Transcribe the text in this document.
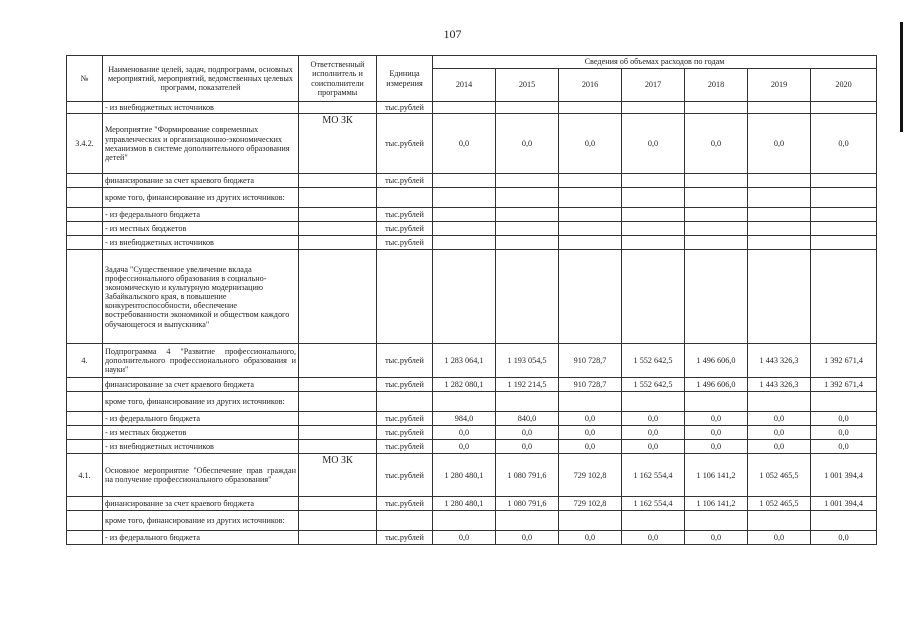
107
№	Наименование целей, задач, подпрограмм, основных мероприятий, мероприятий, ведомственных целевых программ, показателей	Ответственный исполнитель и соисполнители программы	Единица измерения	Сведения об объемах расходов по годам						
				2014	2015	2016	2017	2018	2019	2020
	- из внебюджетных источников		тыс.рублей							
3.4.2.	Мероприятие "Формирование современных управленческих и организационно-экономических механизмов в системе дополнительного образования детей"	МО ЗК	тыс.рублей	0,0	0,0	0,0	0,0	0,0	0,0	0,0
	финансирование за счет краевого бюджета		тыс.рублей							
	кроме того, финансирование из других источников:									
	- из федерального бюджета		тыс.рублей							
	- из местных бюджетов		тыс.рублей							
	- из внебюджетных источников		тыс.рублей							
	Задача "Существенное увеличение вклада профессионального образования в социально-экономическую и культурную модернизацию Забайкальского края, в повышение конкурентоспособности, обеспечение востребованности экономикой и обществом каждого обучающегося и выпускника"									
4.	Подпрограмма 4 "Развитие профессионального, дополнительного профессионального образования и науки"		тыс.рублей	1 283 064,1	1 193 054,5	910 728,7	1 552 642,5	1 496 606,0	1 443 326,3	1 392 671,4
	финансирование за счет краевого бюджета		тыс.рублей	1 282 080,1	1 192 214,5	910 728,7	1 552 642,5	1 496 606,0	1 443 326,3	1 392 671,4
	кроме того, финансирование из других источников:									
	- из федерального бюджета		тыс.рублей	984,0	840,0	0,0	0,0	0,0	0,0	0,0
	- из местных бюджетов		тыс.рублей	0,0	0,0	0,0	0,0	0,0	0,0	0,0
	- из внебюджетных источников		тыс.рублей	0,0	0,0	0,0	0,0	0,0	0,0	0,0
4.1.	Основное мероприятие "Обеспечение прав граждан на получение профессионального образования"	МО ЗК	тыс.рублей	1 280 480,1	1 080 791,6	729 102,8	1 162 554,4	1 106 141,2	1 052 465,5	1 001 394,4
	финансирование за счет краевого бюджета		тыс.рублей	1 280 480,1	1 080 791,6	729 102,8	1 162 554,4	1 106 141,2	1 052 465,5	1 001 394,4
	кроме того, финансирование из других источников:									
	- из федерального бюджета		тыс.рублей	0,0	0,0	0,0	0,0	0,0	0,0	0,0
